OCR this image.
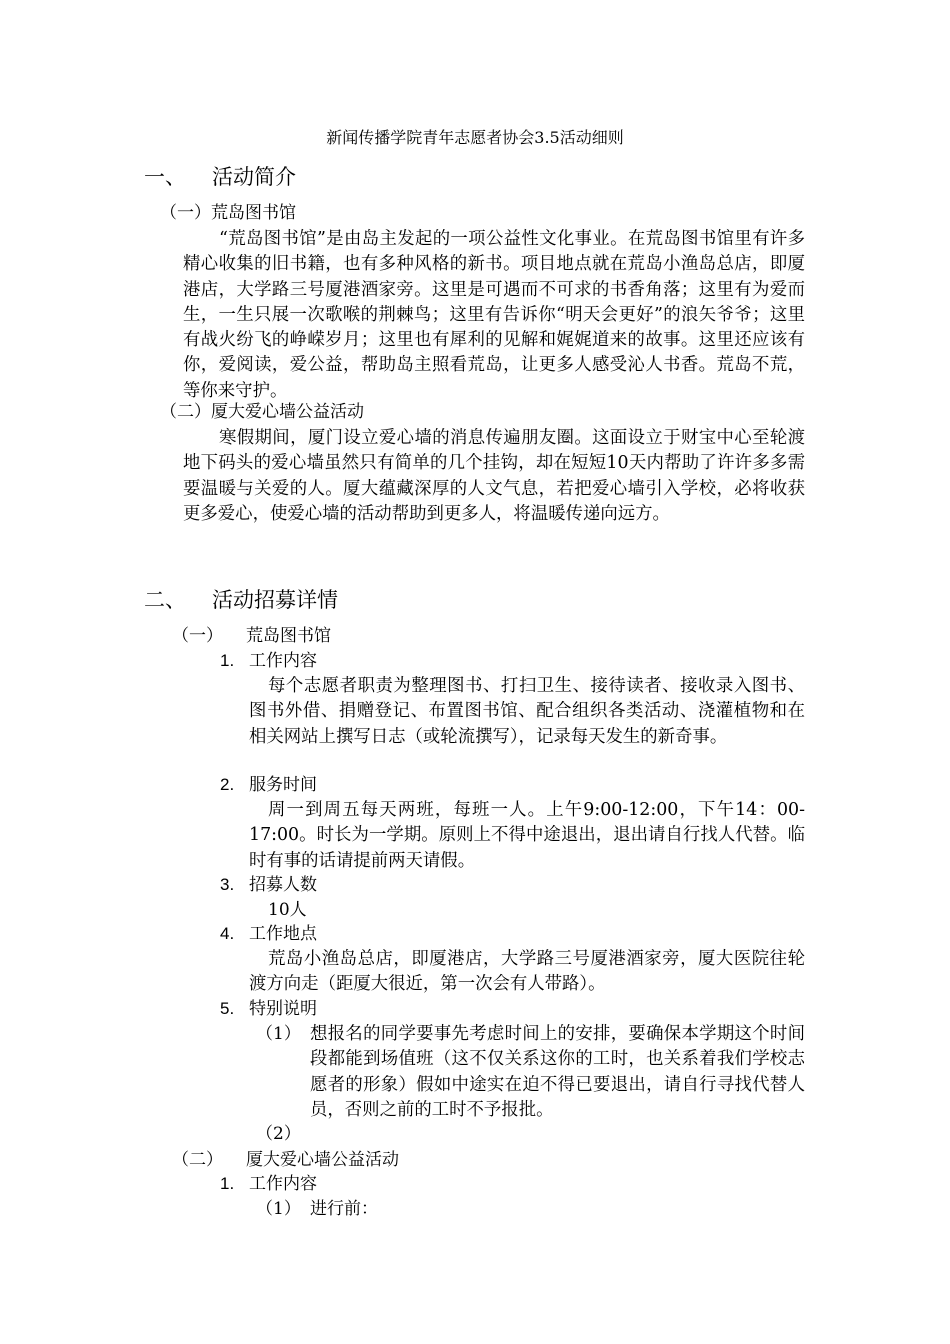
新闻传播学院青年志愿者协会3.5活动细则
一、 活动简介
（一）荒岛图书馆

“荒岛图书馆”是由岛主发起的一项公益性文化事业。在荒岛图书馆里有许多精心收集的旧书籍，也有多种风格的新书。项目地点就在荒岛小渔岛总店，即厦港店，大学路三号厦港酒家旁。这里是可遇而不可求的书香角落；这里有为爱而生，一生只展一次歌喉的荆棘鸟；这里有告诉你“明天会更好”的浪矢爷爷；这里有战火纷飞的峥嵘岁月；这里也有犀利的见解和娓娓道来的故事。这里还应该有你，爱阅读，爱公益，帮助岛主照看荒岛，让更多人感受沁人书香。荒岛不荒，等你来守护。

（二）厦大爱心墙公益活动

寒假期间，厦门设立爱心墙的消息传遍朋友圈。这面设立于财宝中心至轮渡地下码头的爱心墙虽然只有简单的几个挂钩，却在短短10天内帮助了许许多多需要温暖与关爱的人。厦大蕴藏深厚的人文气息，若把爱心墙引入学校，必将收获更多爱心，使爱心墙的活动帮助到更多人，将温暖传递向远方。

二、 活动招募详情
（一） 荒岛图书馆
1. 工作内容

每个志愿者职责为整理图书、打扫卫生、接待读者、接收录入图书、图书外借、捐赠登记、布置图书馆、配合组织各类活动、浇灌植物和在相关网站上撰写日志（或轮流撰写），记录每天发生的新奇事。

2. 服务时间

周一到周五每天两班，每班一人。上午9:00-12:00，下午14：00-17:00。时长为一学期。原则上不得中途退出，退出请自行找人代替。临时有事的话请提前两天请假。

3. 招募人数
10人
4. 工作地点

荒岛小渔岛总店，即厦港店，大学路三号厦港酒家旁，厦大医院往轮渡方向走（距厦大很近，第一次会有人带路）。

5. 特别说明
（1） 想报名的同学要事先考虑时间上的安排，要确保本学期这个时间段都能到场值班（这不仅关系这你的工时，也关系着我们学校志愿者的形象）假如中途实在迫不得已要退出，请自行寻找代替人员，否则之前的工时不予报批。

（2）
（二） 厦大爱心墙公益活动
1. 工作内容
（1） 进行前：
